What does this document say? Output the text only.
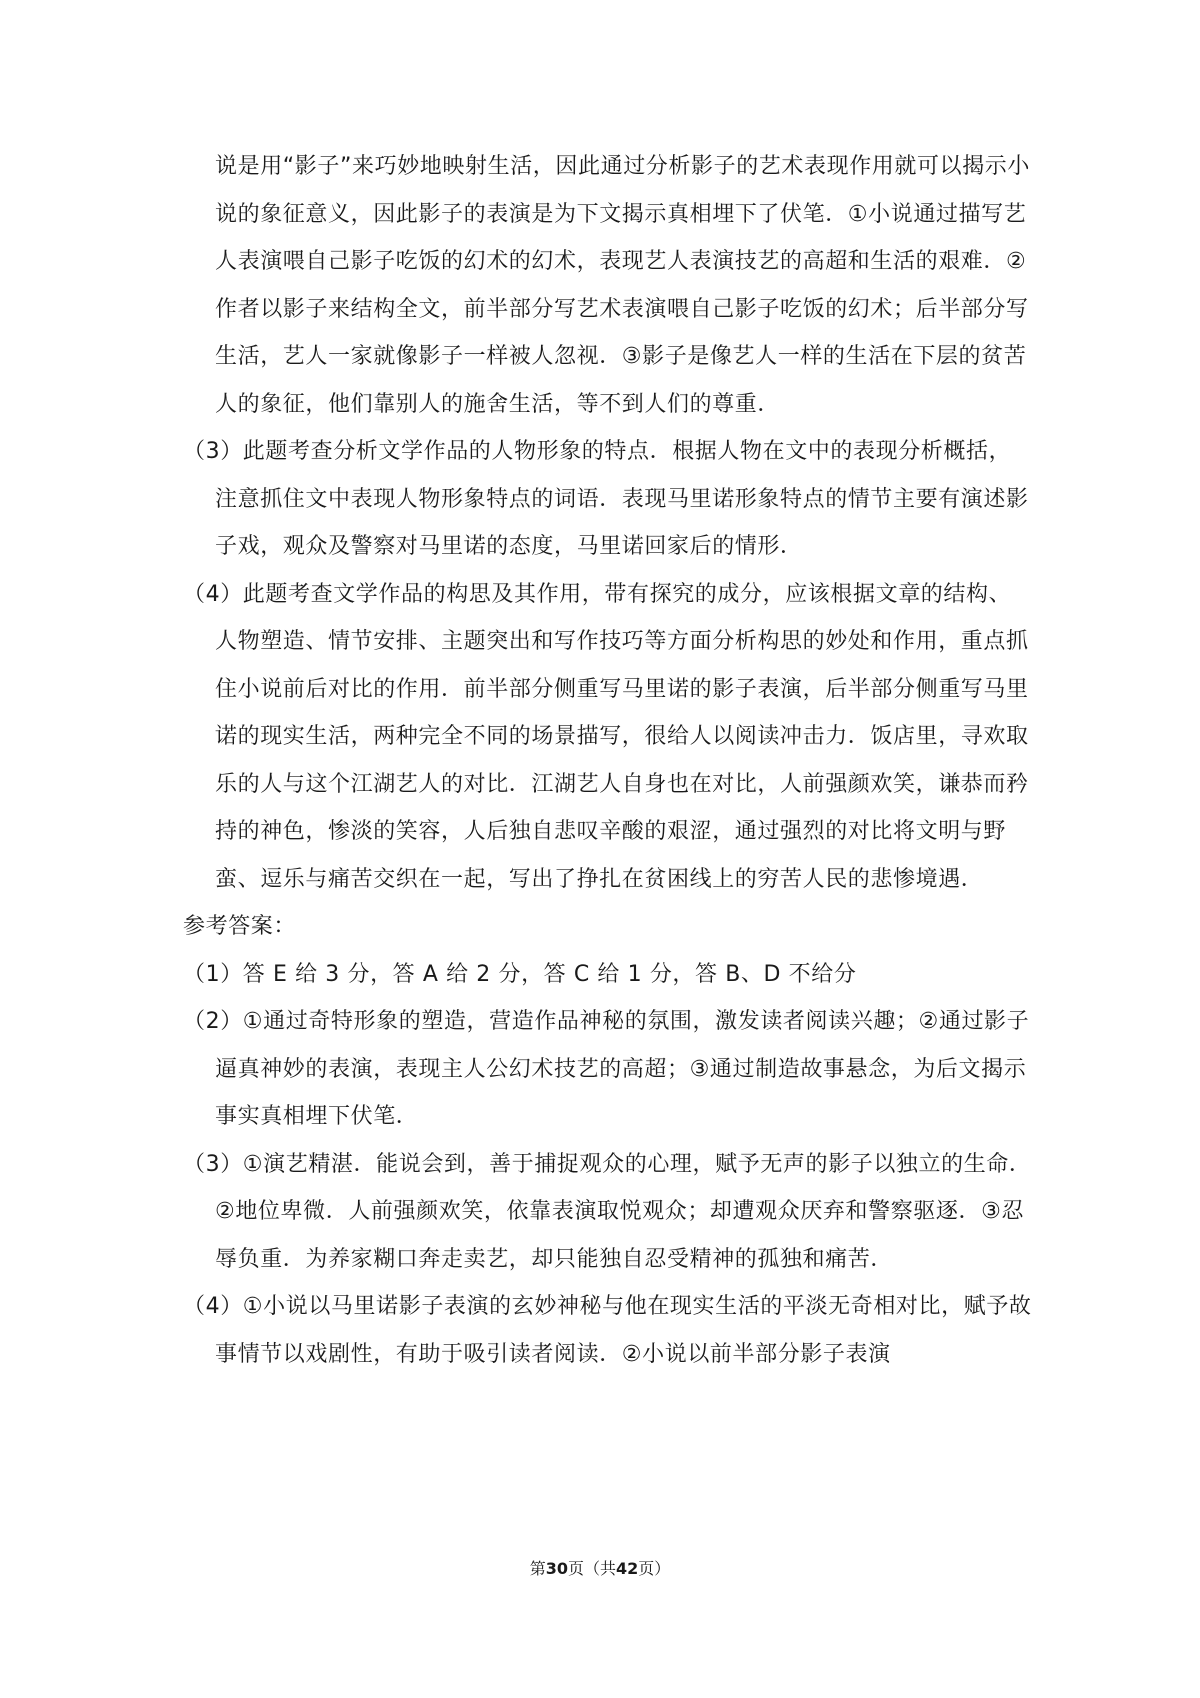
说是用“影子”来巧妙地映射生活，因此通过分析影子的艺术表现作用就可以揭示小说的象征意义，因此影子的表演是为下文揭示真相埋下了伏笔．①小说通过描写艺人表演喂自己影子吃饭的幻术的幻术，表现艺人表演技艺的高超和生活的艰难．②作者以影子来结构全文，前半部分写艺术表演喂自己影子吃饭的幻术；后半部分写生活，艺人一家就像影子一样被人忽视．③影子是像艺人一样的生活在下层的贫苦人的象征，他们靠别人的施舍生活，等不到人们的尊重．

（3）此题考查分析文学作品的人物形象的特点．根据人物在文中的表现分析概括，注意抓住文中表现人物形象特点的词语．表现马里诺形象特点的情节主要有演述影子戏，观众及警察对马里诺的态度，马里诺回家后的情形．

（4）此题考查文学作品的构思及其作用，带有探究的成分，应该根据文章的结构、人物塑造、情节安排、主题突出和写作技巧等方面分析构思的妙处和作用，重点抓住小说前后对比的作用．前半部分侧重写马里诺的影子表演，后半部分侧重写马里诺的现实生活，两种完全不同的场景描写，很给人以阅读冲击力．饭店里，寻欢取乐的人与这个江湖艺人的对比．江湖艺人自身也在对比，人前强颜欢笑，谦恭而矜持的神色，惨淡的笑容，人后独自悲叹辛酸的艰涩，通过强烈的对比将文明与野蛮、逗乐与痛苦交织在一起，写出了挣扎在贫困线上的穷苦人民的悲惨境遇．

参考答案：

（1）答 E 给 3 分，答 A 给 2 分，答 C 给 1 分，答 B、D 不给分

（2）①通过奇特形象的塑造，营造作品神秘的氛围，激发读者阅读兴趣；②通过影子逼真神妙的表演，表现主人公幻术技艺的高超；③通过制造故事悬念，为后文揭示事实真相埋下伏笔．

（3）①演艺精湛．能说会到，善于捕捉观众的心理，赋予无声的影子以独立的生命．②地位卑微．人前强颜欢笑，依靠表演取悦观众；却遭观众厌弃和警察驱逐．③忍辱负重．为养家糊口奔走卖艺，却只能独自忍受精神的孤独和痛苦．

（4）①小说以马里诺影子表演的玄妙神秘与他在现实生活的平淡无奇相对比，赋予故事情节以戏剧性，有助于吸引读者阅读．②小说以前半部分影子表演

第30页（共42页）
